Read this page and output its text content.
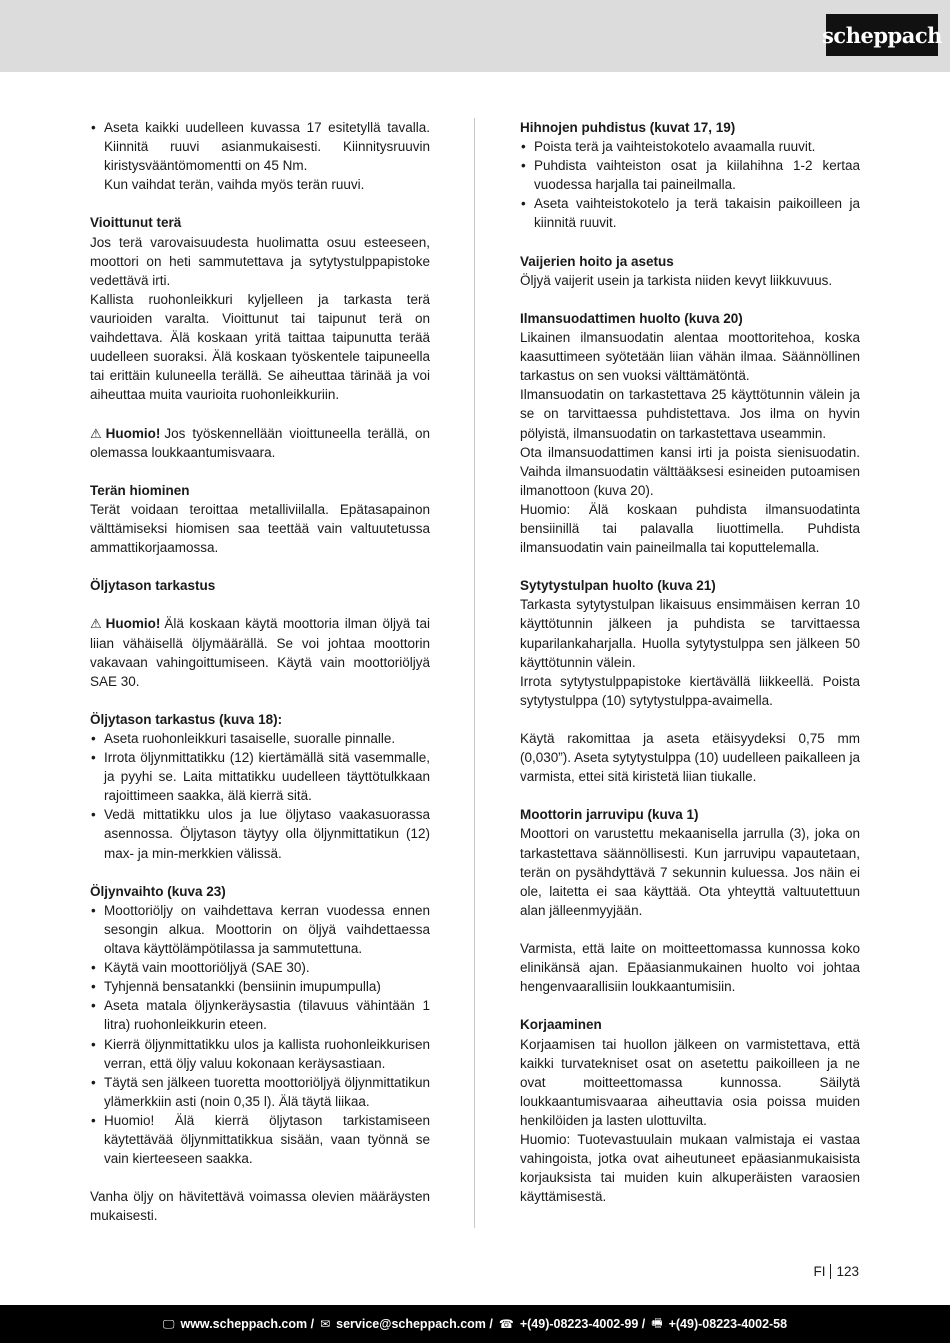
scheppach
• Aseta kaikki uudelleen kuvassa 17 esitetyllä tavalla. Kiinnitä ruuvi asianmukaisesti. Kiinnitysruuvin kiristysvääntömomentti on 45 Nm.
Kun vaihdat terän, vaihda myös terän ruuvi.
Vioittunut terä
Jos terä varovaisuudesta huolimatta osuu esteeseen, moottori on heti sammutettava ja sytytystulppapistoke vedettävä irti.
Kallista ruohonleikkuri kyljelleen ja tarkasta terä vaurioiden varalta. Vioittunut tai taipunut terä on vaihdettava. Älä koskaan yritä taittaa taipunutta terää uudelleen suoraksi. Älä koskaan työskentele taipuneella tai erittäin kuluneella terällä. Se aiheuttaa tärinää ja voi aiheuttaa muita vaurioita ruohonleikkuriin.
⚠ Huomio! Jos työskennellään vioittuneella terällä, on olemassa loukkaantumisvaara.
Terän hiominen
Terät voidaan teroittaa metalliviilalla. Epätasapainon välttämiseksi hiomisen saa teettää vain valtuutetussa ammattikorjaamossa.
Öljytason tarkastus
⚠ Huomio! Älä koskaan käytä moottoria ilman öljyä tai liian vähäisellä öljymäärällä. Se voi johtaa moottorin vakavaan vahingoittumiseen. Käytä vain moottoriöljyä SAE 30.
Öljytason tarkastus (kuva 18):
• Aseta ruohonleikkuri tasaiselle, suoralle pinnalle.
• Irrota öljynmittatikku (12) kiertämällä sitä vasemmalle, ja pyyhi se. Laita mittatikku uudelleen täyttötulkkaan rajoittimeen saakka, älä kierrä sitä.
• Vedä mittatikku ulos ja lue öljytaso vaakasuorassa asennossa. Öljytason täytyy olla öljynmittatikun (12) max- ja min-merkkien välissä.
Öljynvaihto (kuva 23)
• Moottoriöljy on vaihdettava kerran vuodessa ennen sesongin alkua. Moottorin on öljyä vaihdettaessa oltava käyttölämpötilassa ja sammutettuna.
• Käytä vain moottoriöljyä (SAE 30).
• Tyhjennä bensatankki (bensiinin imupumpulla)
• Aseta matala öljynkeräysastia (tilavuus vähintään 1 litra) ruohonleikkurin eteen.
• Kierrä öljynmittatikku ulos ja kallista ruohonleikkurisen verran, että öljy valuu kokonaan keräysastiaan.
• Täytä sen jälkeen tuoretta moottoriöljyä öljynmittatikun ylämerkkiin asti (noin 0,35 l). Älä täytä liikaa.
• Huomio! Älä kierrä öljytason tarkistamiseen käytettävää öljynmittatikkua sisään, vaan työnnä se vain kierteeseen saakka.
Vanha öljy on hävitettävä voimassa olevien määräysten mukaisesti.
Hihnojen puhdistus (kuvat 17, 19)
• Poista terä ja vaihteistokotelo avaamalla ruuvit.
• Puhdista vaihteiston osat ja kiilahihna 1-2 kertaa vuodessa harjalla tai paineilmalla.
• Aseta vaihteistokotelo ja terä takaisin paikoilleen ja kiinnitä ruuvit.
Vaijerien hoito ja asetus
Öljyä vaijerit usein ja tarkista niiden kevyt liikkuvuus.
Ilmansuodattimen huolto (kuva 20)
Likainen ilmansuodatin alentaa moottoritehoa, koska kaasuttimeen syötetään liian vähän ilmaa. Säännöllinen tarkastus on sen vuoksi välttämätöntä.
Ilmansuodatin on tarkastettava 25 käyttötunnin välein ja se on tarvittaessa puhdistettava. Jos ilma on hyvin pölyistä, ilmansuodatin on tarkastettava useammin.
Ota ilmansuodattimen kansi irti ja poista sienisuodatin. Vaihda ilmansuodatin välttääksesi esineiden putoamisen ilmanottoon (kuva 20).
Huomio: Älä koskaan puhdista ilmansuodatinta bensiinillä tai palavalla liuottimella. Puhdista ilmansuodatin vain paineilmalla tai koputtelemalla.
Sytytystulpan huolto (kuva 21)
Tarkasta sytytystulpan likaisuus ensimmäisen kerran 10 käyttötunnin jälkeen ja puhdista se tarvittaessa kuparilankaharjalla. Huolla sytytystulppa sen jälkeen 50 käyttötunnin välein.
Irrota sytytystulppapistoke kiertävällä liikkeellä. Poista sytytystulppa (10) sytytystulppa-avaimella.
Käytä rakomittaa ja aseta etäisyydeksi 0,75 mm (0,030”). Aseta sytytystulppa (10) uudelleen paikalleen ja varmista, ettei sitä kiristetä liian tiukalle.
Moottorin jarruvipu (kuva 1)
Moottori on varustettu mekaanisella jarrulla (3), joka on tarkastettava säännöllisesti. Kun jarruvipu vapautetaan, terän on pysähdyttävä 7 sekunnin kuluessa. Jos näin ei ole, laitetta ei saa käyttää. Ota yhteyttä valtuutettuun alan jälleenmyyjään.
Varmista, että laite on moitteettomassa kunnossa koko elinikänsä ajan. Epäasianmukainen huolto voi johtaa hengenvaarallisiin loukkaantumisiin.
Korjaaminen
Korjaamisen tai huollon jälkeen on varmistettava, että kaikki turvatekniset osat on asetettu paikoilleen ja ne ovat moitteettomassa kunnossa. Säilytä loukkaantumisvaaraa aiheuttavia osia poissa muiden henkilöiden ja lasten ulottuvilta.
Huomio: Tuotevastuulain mukaan valmistaja ei vastaa vahingoista, jotka ovat aiheutuneet epäasianmukaisista korjauksista tai muiden kuin alkuperäisten varaosien käyttämisestä.
FI 123
🖵 www.scheppach.com / ✉ service@scheppach.com / ☎ +(49)-08223-4002-99 / 🖷 +(49)-08223-4002-58
